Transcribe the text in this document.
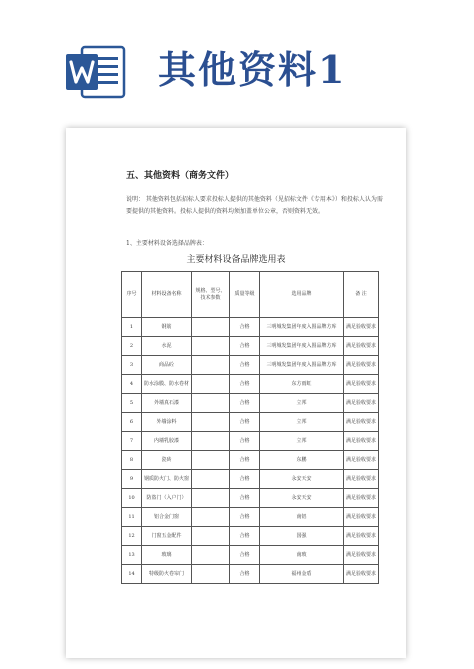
其他资料1
五、其他资料（商务文件）
说明： 其他资料包括招标人要求投标人提供的其他资料（见招标文件《专用本》）和投标人认为需要提供的其他资料。投标人提供的资料均须加盖单位公章，否则资料无效。
1、主要材料设备选择品牌表：
主要材料设备品牌选用表
序号	材料设备名称	规格、型号、技术参数	质量等级	选用品牌	备 注
1	钢筋		合格	三明城发集团年度入围品牌方库	满足验收要求
2	水泥		合格	三明城发集团年度入围品牌方库	满足验收要求
3	商品砼		合格	三明城发集团年度入围品牌方库	满足验收要求
4	防水涂膜、防水卷材		合格	东方雨虹	满足验收要求
5	外墙真石漆		合格	立邦	满足验收要求
6	外墙涂料		合格	立邦	满足验收要求
7	内墙乳胶漆		合格	立邦	满足验收要求
8	瓷砖		合格	东鹏	满足验收要求
9	钢质防火门、防火窗		合格	永安天安	满足验收要求
10	防盗门（入户门）		合格	永安天安	满足验收要求
11	铝合金门窗		合格	南铝	满足验收要求
12	门窗五金配件		合格	国强	满足验收要求
13	玻璃		合格	南玻	满足验收要求
14	特级防火卷帘门		合格	福州金盾	满足验收要求
